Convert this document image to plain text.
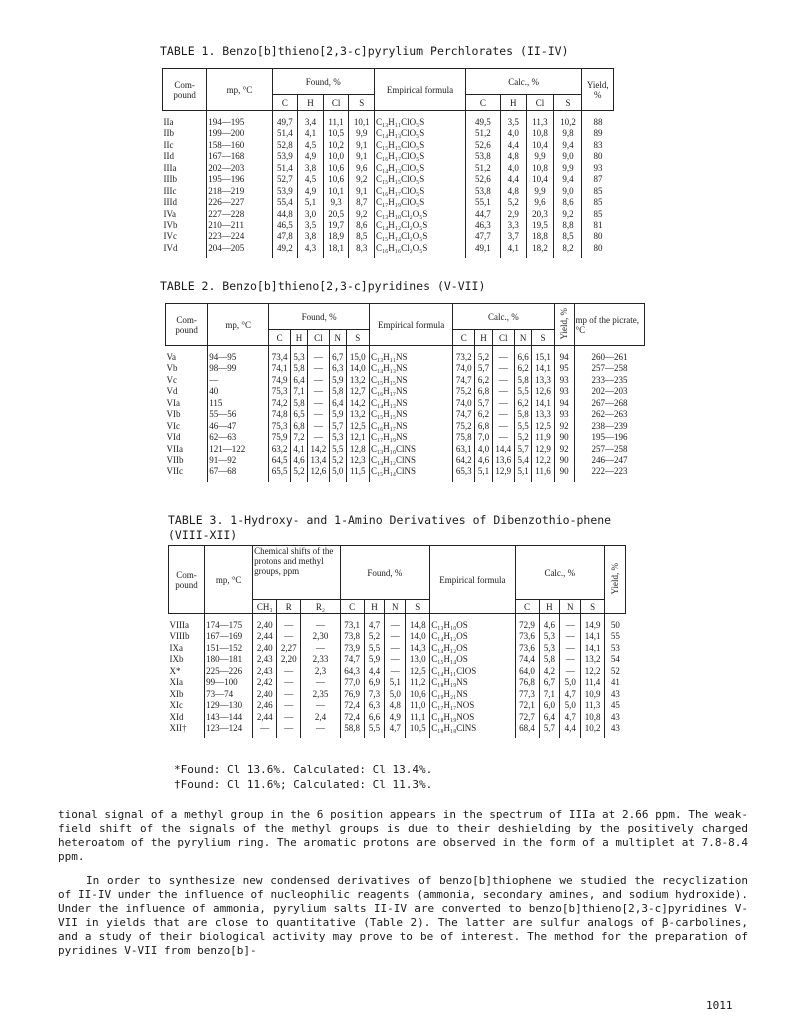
TABLE 1. Benzo[b]thieno[2,3-c]pyrylium Perchlorates (II-IV)
Com-pound	mp, °C	Found, %				Empirical formula	Calc., %				Yield, %
		C	H	Cl	S		C	H	Cl	S	
IIa	194—195	49,7	3,4	11,1	10,1	C₁₃H₁₁ClO₅S	49,5	3,5	11,3	10,2	88
IIb	199—200	51,4	4,1	10,5	9,9	C₁₄H₁₃ClO₅S	51,2	4,0	10,8	9,8	89
IIc	158—160	52,8	4,5	10,2	9,1	C₁₅H₁₅ClO₅S	52,6	4,4	10,4	9,4	83
IId	167—168	53,9	4,9	10,0	9,1	C₁₆H₁₇ClO₅S	53,8	4,8	9,9	9,0	80
IIIa	202—203	51,4	3,8	10,6	9,6	C₁₄H₁₃ClO₅S	51,2	4,0	10,8	9,9	93
IIIb	195—196	52,7	4,5	10,6	9,2	C₁₅H₁₅ClO₅S	52,6	4,4	10,4	9,4	87
IIIc	218—219	53,9	4,9	10,1	9,1	C₁₆H₁₇ClO₅S	53,8	4,8	9,9	9,0	85
IIId	226—227	55,4	5,1	9,3	8,7	C₁₇H₁₉ClO₅S	55,1	5,2	9,6	8,6	85
IVa	227—228	44,8	3,0	20,5	9,2	C₁₃H₁₀Cl₂O₅S	44,7	2,9	20,3	9,2	85
IVb	210—211	46,5	3,5	19,7	8,6	C₁₄H₁₂Cl₂O₅S	46,3	3,3	19,5	8,8	81
IVc	223—224	47,8	3,8	18,9	8,5	C₁₅H₁₄Cl₂O₅S	47,7	3,7	18,8	8,5	80
IVd	204—205	49,2	4,3	18,1	8,3	C₁₆H₁₆Cl₂O₅S	49,1	4,1	18,2	8,2	80
TABLE 2. Benzo[b]thieno[2,3-c]pyridines (V-VII)
Com-pound	mp, °C	Found, %					Empirical formula	Calc., %					Yield, %	mp of the picrate, °C
		C	H	Cl	N	S		C	H	Cl	N	S		
Va	94—95	73,4	5,3	—	6,7	15,0	C₁₃H₁₁NS	73,2	5,2	—	6,6	15,1	94	260—261
Vb	98—99	74,1	5,8	—	6,3	14,0	C₁₄H₁₃NS	74,0	5,7	—	6,2	14,1	95	257—258
Vc	—	74,9	6,4	—	5,9	13,2	C₁₅H₁₅NS	74,7	6,2	—	5,8	13,3	93	233—235
Vd	40	75,3	7,1	—	5,8	12,7	C₁₆H₁₇NS	75,2	6,8	—	5,5	12,6	93	202—203
VIa	115	74,2	5,8	—	6,4	14,2	C₁₄H₁₃NS	74,0	5,7	—	6,2	14,1	94	267—268
VIb	55—56	74,8	6,5	—	5,9	13,2	C₁₅H₁₅NS	74,7	6,2	—	5,8	13,3	93	262—263
VIc	46—47	75,3	6,8	—	5,7	12,5	C₁₆H₁₇NS	75,2	6,8	—	5,5	12,5	92	238—239
VId	62—63	75,9	7,2	—	5,3	12,1	C₁₇H₁₉NS	75,8	7,0	—	5,2	11,9	90	195—196
VIIa	121—122	63,2	4,1	14,2	5,5	12,8	C₁₃H₁₀ClNS	63,1	4,0	14,4	5,7	12,9	92	257—258
VIIb	91—92	64,5	4,6	13,4	5,2	12,3	C₁₄H₁₂ClNS	64,2	4,6	13,6	5,4	12,2	90	246—247
VIIc	67—68	65,5	5,2	12,6	5,0	11,5	C₁₅H₁₄ClNS	65,3	5,1	12,9	5,1	11,6	90	222—223
TABLE 3. 1-Hydroxy- and 1-Amino Derivatives of Dibenzothio-phene (VIII-XII)
Com-pound	mp, °C	Chemical shifts of the protons and methyl groups, ppm			Found, %				Empirical formula	Calc., %				Yield, %
		CH₃	R	R₂	C	H	N	S		C	H	N	S	
VIIIa	174—175	2,40	—	—	73,1	4,7	—	14,8	C₁₃H₁₀OS	72,9	4,6	—	14,9	50
VIIIb	167—169	2,44	—	2,30	73,8	5,2	—	14,0	C₁₄H₁₂OS	73,6	5,3	—	14,1	55
IXa	151—152	2,40	2,27	—	73,9	5,5	—	14,3	C₁₄H₁₂OS	73,6	5,3	—	14,1	53
IXb	180—181	2,43	2,20	2,33	74,7	5,9	—	13,0	C₁₅H₁₄OS	74,4	5,8	—	13,2	54
X*	225—226	2,43	—	2,3	64,3	4,4	—	12,5	C₁₄H₁₁ClOS	64,0	4,2	—	12,2	52
XIa	99—100	2,42	—	—	77,0	6,9	5,1	11,2	C₁₈H₁₉NS	76,8	6,7	5,0	11,4	41
XIb	73—74	2,40	—	2,35	76,9	7,3	5,0	10,6	C₁₉H₂₁NS	77,3	7,1	4,7	10,9	43
XIc	129—130	2,46	—	—	72,4	6,3	4,8	11,0	C₁₇H₁₇NOS	72,1	6,0	5,0	11,3	45
XId	143—144	2,44	—	2,4	72,4	6,6	4,9	11,1	C₁₈H₁₉NOS	72,7	6,4	4,7	10,8	43
XII†	123—124	—	—	—	58,8	5,5	4,7	10,5	C₁₈H₁₈ClNS	68,4	5,7	4,4	10,2	43

*Found: Cl 13.6%. Calculated: Cl 13.4%.

†Found: Cl 11.6%; Calculated: Cl 11.3%.

tional signal of a methyl group in the 6 position appears in the spectrum of IIIa at 2.66 ppm. The weak-field shift of the signals of the methyl groups is due to their deshielding by the positively charged heteroatom of the pyrylium ring. The aromatic protons are observed in the form of a multiplet at 7.8-8.4 ppm.

In order to synthesize new condensed derivatives of benzo[b]thiophene we studied the recyclization of II-IV under the influence of nucleophilic reagents (ammonia, secondary amines, and sodium hydroxide). Under the influence of ammonia, pyrylium salts II-IV are converted to benzo[b]thieno[2,3-c]pyridines V-VII in yields that are close to quantitative (Table 2). The latter are sulfur analogs of β-carbolines, and a study of their biological activity may prove to be of interest. The method for the preparation of pyridines V-VII from benzo[b]-

1011
